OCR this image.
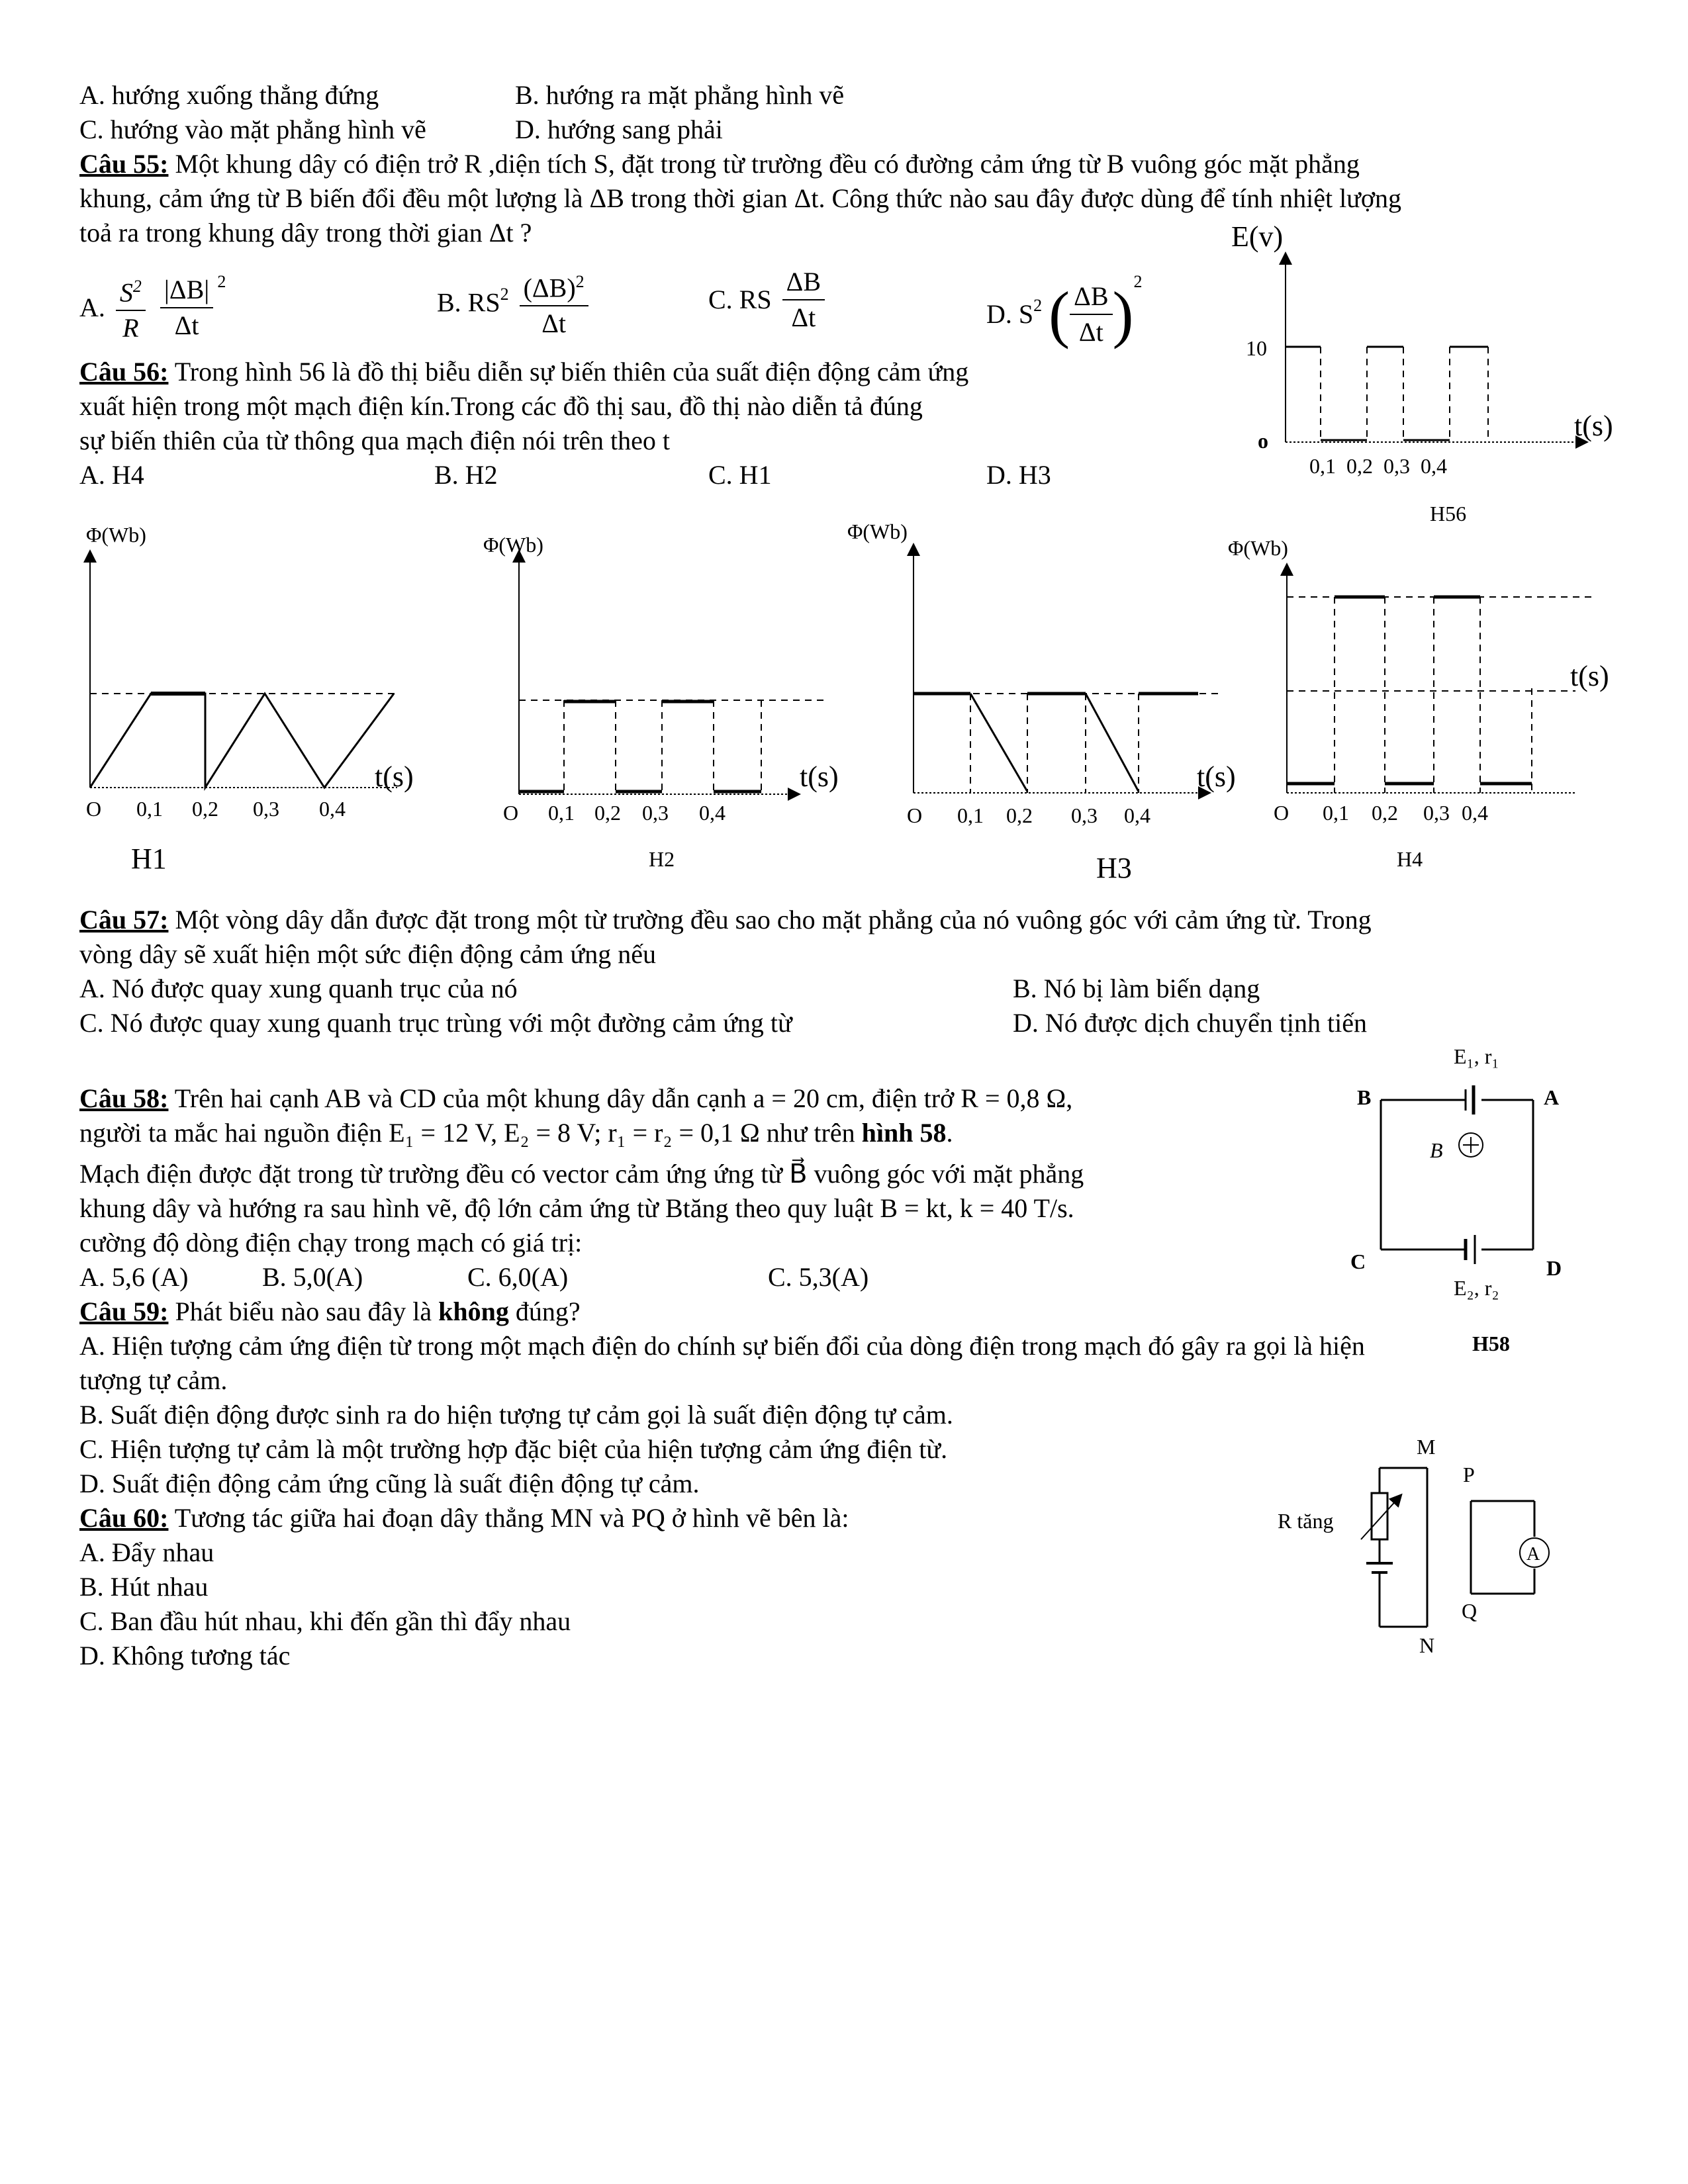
A. hướng xuống thẳng đứng	B. hướng ra mặt phẳng hình vẽ
C. hướng vào mặt phẳng hình vẽ	D. hướng sang phải
Câu 55: Một khung dây có điện trở R ,diện tích S, đặt trong từ trường đều có đường cảm ứng từ B vuông góc mặt phẳng
khung, cảm ứng từ B biến đổi đều một lượng là ΔB trong thời gian Δt. Công thức nào sau đây được dùng để tính nhiệt lượng
toả ra trong khung dây trong thời gian Δt ?
A. $\frac{S^2}{R}$
$\frac{|\Delta B|}{\Delta t} ^2$
B. $RS^2 \frac{(\Delta B)^2}{\Delta t}$	C. RS $\frac{\Delta B}{\Delta t}$	D. $S^2$ ( $\frac{\Delta B}{\Delta t} )^2$
E(v)
10
o	t(s)
0,1  0,2  0,3  0,4
H56
Câu 56: Trong hình 56 là đồ thị biễu diễn sự biến thiên của suất điện động cảm ứng
xuất hiện trong một mạch điện kín.Trong các đồ thị sau, đồ thị nào diễn tả đúng
sự biến thiên của từ thông qua mạch điện nói trên theo t
A. H4	B. H2	C. H1	D. H3
Φ(Wb)	Φ(Wb)
Φ(Wb)
Φ(Wb)
t(s)	t(s)	t(s)
t(s)
O 0,1 0,2 0,3 0,4
H1
O 0,1 0,2 0,3 0,4
H2
O 0,1 0,2 0,3 0,4
H3
O 0,1 0,2 0,3 0,4
H4
Câu 57: Một vòng dây dẫn được đặt trong một từ trường đều sao cho mặt phẳng của nó vuông góc với cảm ứng từ. Trong
vòng dây sẽ xuất hiện một sức điện động cảm ứng nếu
A. Nó được quay xung quanh trục của nó	B. Nó bị làm biến dạng
C. Nó được quay xung quanh trục trùng với một đường cảm ứng từ	D. Nó được dịch chuyển tịnh tiến
Câu 58: Trên hai cạnh AB và CD của một khung dây dẫn cạnh a = 20 cm, điện trở R = 0,8 Ω,
người ta mắc hai nguồn điện E₁ = 12 V, E₂ = 8 V; r₁ = r₂ = 0,1 Ω như trên hình 58.
Mạch điện được đặt trong từ trường đều có vector cảm ứng ứng từ B⃗ vuông góc với mặt phẳng
khung dây và hướng ra sau hình vẽ, độ lớn cảm ứng từ Btăng theo quy luật B = kt, k = 40 T/s.
cường độ dòng điện chạy trong mạch có giá trị:
A. 5,6 (A)	B. 5,0(A)	C. 6,0(A)	C. 5,3(A)
E₁, r₁
E₂, r₂
B	A
C	D
B⃗
H58
Câu 59: Phát biểu nào sau đây là không đúng?
A. Hiện tượng cảm ứng điện từ trong một mạch điện do chính sự biến đổi của dòng điện trong mạch đó gây ra gọi là hiện
tượng tự cảm.
B. Suất điện động được sinh ra do hiện tượng tự cảm gọi là suất điện động tự cảm.
C. Hiện tượng tự cảm là một trường hợp đặc biệt của hiện tượng cảm ứng điện từ.
D. Suất điện động cảm ứng cũng là suất điện động tự cảm.
Câu 60: Tương tác giữa hai đoạn dây thẳng MN và PQ ở hình vẽ bên là:
A. Đẩy nhau
B. Hút nhau
C. Ban đầu hút nhau, khi đến gần thì đẩy nhau
D. Không tương tác
M
N
P
Q
R tăng
A
